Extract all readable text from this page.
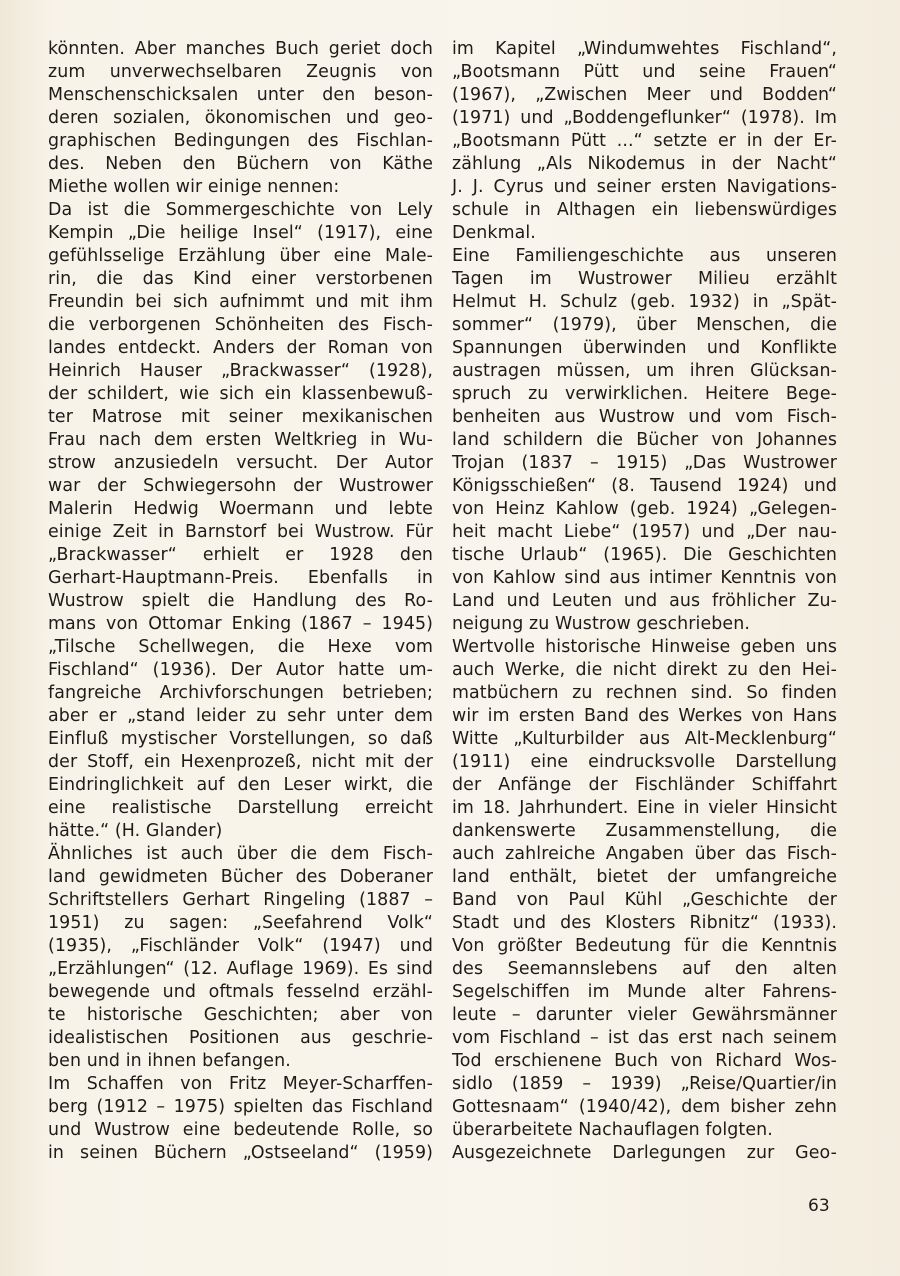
könnten. Aber manches Buch geriet doch
zum unverwechselbaren Zeugnis von
Menschenschicksalen unter den beson-
deren sozialen, ökonomischen und geo-
graphischen Bedingungen des Fischlan-
des. Neben den Büchern von Käthe
Miethe wollen wir einige nennen:
Da ist die Sommergeschichte von Lely
Kempin „Die heilige Insel“ (1917), eine
gefühlsselige Erzählung über eine Male-
rin, die das Kind einer verstorbenen
Freundin bei sich aufnimmt und mit ihm
die verborgenen Schönheiten des Fisch-
landes entdeckt. Anders der Roman von
Heinrich Hauser „Brackwasser“ (1928),
der schildert, wie sich ein klassenbewuß-
ter Matrose mit seiner mexikanischen
Frau nach dem ersten Weltkrieg in Wu-
strow anzusiedeln versucht. Der Autor
war der Schwiegersohn der Wustrower
Malerin Hedwig Woermann und lebte
einige Zeit in Barnstorf bei Wustrow. Für
„Brackwasser“ erhielt er 1928 den
Gerhart-Hauptmann-Preis. Ebenfalls in
Wustrow spielt die Handlung des Ro-
mans von Ottomar Enking (1867 – 1945)
„Tilsche Schellwegen, die Hexe vom
Fischland“ (1936). Der Autor hatte um-
fangreiche Archivforschungen betrieben;
aber er „stand leider zu sehr unter dem
Einfluß mystischer Vorstellungen, so daß
der Stoff, ein Hexenprozeß, nicht mit der
Eindringlichkeit auf den Leser wirkt, die
eine realistische Darstellung erreicht
hätte.“ (H. Glander)
Ähnliches ist auch über die dem Fisch-
land gewidmeten Bücher des Doberaner
Schriftstellers Gerhart Ringeling (1887 –
1951) zu sagen: „Seefahrend Volk“
(1935), „Fischländer Volk“ (1947) und
„Erzählungen“ (12. Auflage 1969). Es sind
bewegende und oftmals fesselnd erzähl-
te historische Geschichten; aber von
idealistischen Positionen aus geschrie-
ben und in ihnen befangen.
Im Schaffen von Fritz Meyer-Scharffen-
berg (1912 – 1975) spielten das Fischland
und Wustrow eine bedeutende Rolle, so
in seinen Büchern „Ostseeland“ (1959)
im Kapitel „Windumwehtes Fischland“,
„Bootsmann Pütt und seine Frauen“
(1967), „Zwischen Meer und Bodden“
(1971) und „Boddengeflunker“ (1978). Im
„Bootsmann Pütt ...“ setzte er in der Er-
zählung „Als Nikodemus in der Nacht“
J. J. Cyrus und seiner ersten Navigations-
schule in Althagen ein liebenswürdiges
Denkmal.
Eine Familiengeschichte aus unseren
Tagen im Wustrower Milieu erzählt
Helmut H. Schulz (geb. 1932) in „Spät-
sommer“ (1979), über Menschen, die
Spannungen überwinden und Konflikte
austragen müssen, um ihren Glücksan-
spruch zu verwirklichen. Heitere Bege-
benheiten aus Wustrow und vom Fisch-
land schildern die Bücher von Johannes
Trojan (1837 – 1915) „Das Wustrower
Königsschießen“ (8. Tausend 1924) und
von Heinz Kahlow (geb. 1924) „Gelegen-
heit macht Liebe“ (1957) und „Der nau-
tische Urlaub“ (1965). Die Geschichten
von Kahlow sind aus intimer Kenntnis von
Land und Leuten und aus fröhlicher Zu-
neigung zu Wustrow geschrieben.
Wertvolle historische Hinweise geben uns
auch Werke, die nicht direkt zu den Hei-
matbüchern zu rechnen sind. So finden
wir im ersten Band des Werkes von Hans
Witte „Kulturbilder aus Alt-Mecklenburg“
(1911) eine eindrucksvolle Darstellung
der Anfänge der Fischländer Schiffahrt
im 18. Jahrhundert. Eine in vieler Hinsicht
dankenswerte Zusammenstellung, die
auch zahlreiche Angaben über das Fisch-
land enthält, bietet der umfangreiche
Band von Paul Kühl „Geschichte der
Stadt und des Klosters Ribnitz“ (1933).
Von größter Bedeutung für die Kenntnis
des Seemannslebens auf den alten
Segelschiffen im Munde alter Fahrens-
leute – darunter vieler Gewährsmänner
vom Fischland – ist das erst nach seinem
Tod erschienene Buch von Richard Wos-
sidlo (1859 – 1939) „Reise/Quartier/in
Gottesnaam“ (1940/42), dem bisher zehn
überarbeitete Nachauflagen folgten.
Ausgezeichnete Darlegungen zur Geo-
63
